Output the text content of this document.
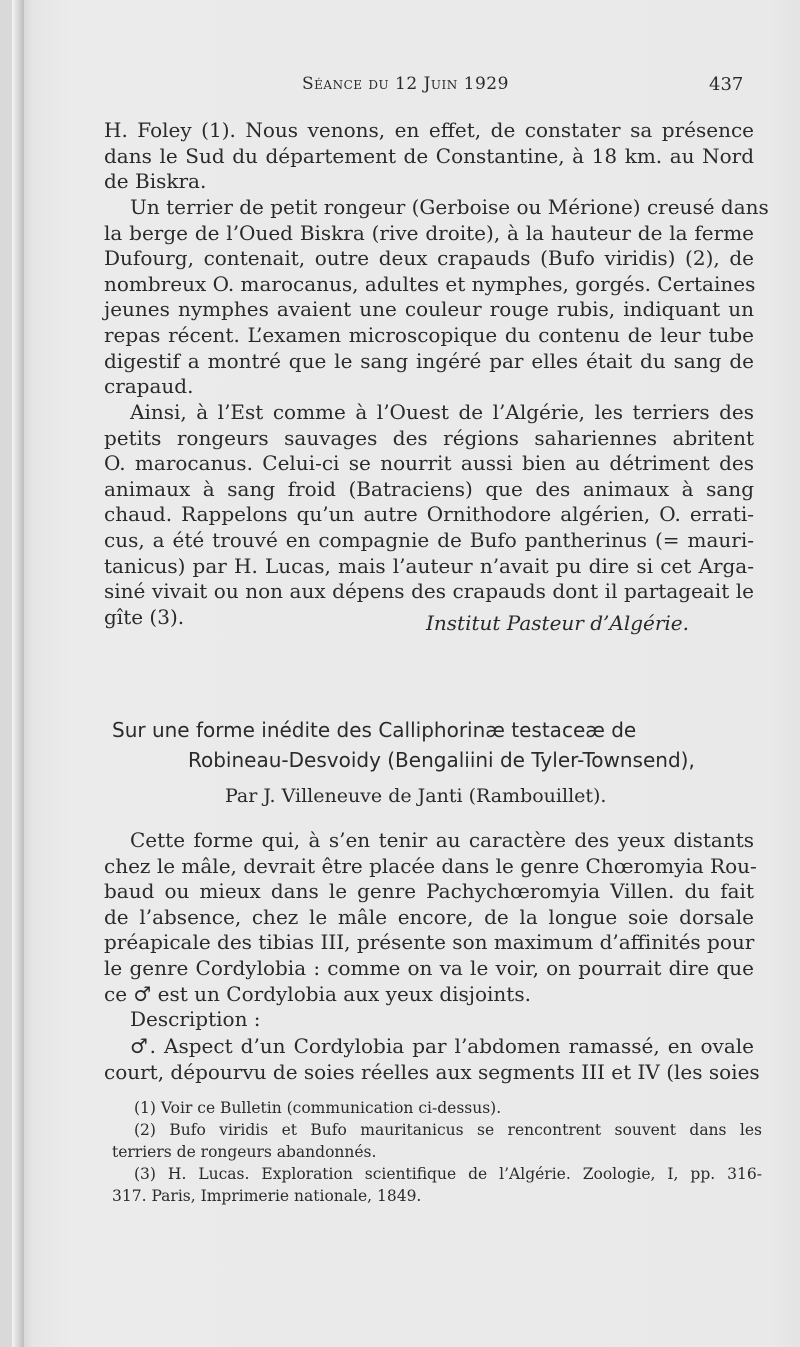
Séance du 12 Juin 1929	437
H. Foley (1). Nous venons, en effet, de constater sa présence
dans le Sud du département de Constantine, à 18 km. au Nord
de Biskra.
Un terrier de petit rongeur (Gerboise ou Mérione) creusé dans
la berge de l’Oued Biskra (rive droite), à la hauteur de la ferme
Dufourg, contenait, outre deux crapauds (Bufo viridis) (2), de
nombreux O. marocanus, adultes et nymphes, gorgés. Certaines
jeunes nymphes avaient une couleur rouge rubis, indiquant un
repas récent. L’examen microscopique du contenu de leur tube
digestif a montré que le sang ingéré par elles était du sang de
crapaud.
Ainsi, à l’Est comme à l’Ouest de l’Algérie, les terriers des
petits rongeurs sauvages des régions sahariennes abritent
O. marocanus. Celui-ci se nourrit aussi bien au détriment des
animaux à sang froid (Batraciens) que des animaux à sang
chaud. Rappelons qu’un autre Ornithodore algérien, O. errati-
cus, a été trouvé en compagnie de Bufo pantherinus (= mauri-
tanicus) par H. Lucas, mais l’auteur n’avait pu dire si cet Arga-
siné vivait ou non aux dépens des crapauds dont il partageait le
gîte (3).	Institut Pasteur d’Algérie.
Sur une forme inédite des Calliphorinæ testaceæ de
Robineau-Desvoidy (Bengaliini de Tyler-Townsend),
Par J. Villeneuve de Janti (Rambouillet).
Cette forme qui, à s’en tenir au caractère des yeux distants
chez le mâle, devrait être placée dans le genre Chœromyia Rou-
baud ou mieux dans le genre Pachychœromyia Villen. du fait
de l’absence, chez le mâle encore, de la longue soie dorsale
préapicale des tibias III, présente son maximum d’affinités pour
le genre Cordylobia : comme on va le voir, on pourrait dire que
ce ♂ est un Cordylobia aux yeux disjoints.
Description :
♂. Aspect d’un Cordylobia par l’abdomen ramassé, en ovale
court, dépourvu de soies réelles aux segments III et IV (les soies
(1) Voir ce Bulletin (communication ci-dessus).
(2) Bufo viridis et Bufo mauritanicus se rencontrent souvent dans les
terriers de rongeurs abandonnés.
(3) H. Lucas. Exploration scientifique de l’Algérie. Zoologie, I, pp. 316-
317. Paris, Imprimerie nationale, 1849.
